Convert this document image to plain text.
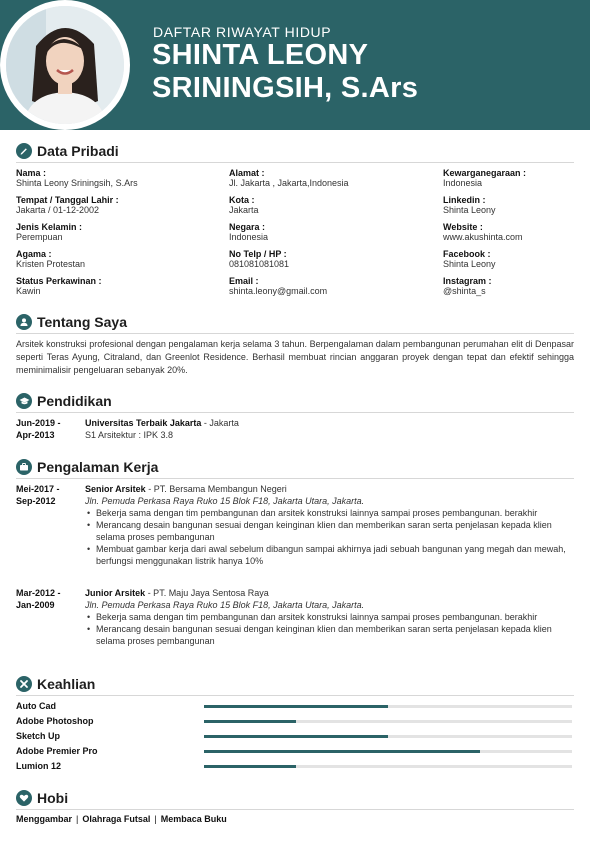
DAFTAR RIWAYAT HIDUP
SHINTA LEONY
SRININGSIH, S.Ars
Data Pribadi
Nama :
Shinta Leony Sriningsih, S.Ars
Tempat / Tanggal Lahir :
Jakarta / 01-12-2002
Jenis Kelamin :
Perempuan
Agama :
Kristen Protestan
Status Perkawinan :
Kawin
Alamat :
Jl. Jakarta , Jakarta,Indonesia
Kota :
Jakarta
Negara :
Indonesia
No Telp / HP :
081081081081
Email :
shinta.leony@gmail.com
Kewarganegaraan :
Indonesia
Linkedin :
Shinta Leony
Website :
www.akushinta.com
Facebook :
Shinta Leony
Instagram :
@shinta_s
Tentang Saya
Arsitek konstruksi profesional dengan pengalaman kerja selama 3 tahun. Berpengalaman dalam pembangunan perumahan elit di Denpasar seperti Teras Ayung, Citraland, dan Greenlot Residence. Berhasil membuat rincian anggaran proyek dengan tepat dan efektif sehingga meminimalisir pengeluaran sebanyak 20%.
Pendidikan
Jun-2019 -
Apr-2013
Universitas Terbaik Jakarta - Jakarta
S1 Arsitektur : IPK 3.8
Pengalaman Kerja
Mei-2017 -
Sep-2012
Senior Arsitek - PT. Bersama Membangun Negeri
Jln. Pemuda Perkasa Raya Ruko 15 Blok F18, Jakarta Utara, Jakarta.
• Bekerja sama dengan tim pembangunan dan arsitek konstruksi lainnya sampai proses pembangunan. berakhir
• Merancang desain bangunan sesuai dengan keinginan klien dan memberikan saran serta penjelasan kepada klien selama proses pembangunan
• Membuat gambar kerja dari awal sebelum dibangun sampai akhirnya jadi sebuah bangunan yang megah dan mewah, berfungsi menggunakan listrik hanya 10%
Mar-2012 -
Jan-2009
Junior Arsitek - PT. Maju Jaya Sentosa Raya
Jln. Pemuda Perkasa Raya Ruko 15 Blok F18, Jakarta Utara, Jakarta.
• Bekerja sama dengan tim pembangunan dan arsitek konstruksi lainnya sampai proses pembangunan. berakhir
• Merancang desain bangunan sesuai dengan keinginan klien dan memberikan saran serta penjelasan kepada klien selama proses pembangunan
Keahlian
Auto Cad
Adobe Photoshop
Sketch Up
Adobe Premier Pro
Lumion 12
Hobi
Menggambar | Olahraga Futsal | Membaca Buku
